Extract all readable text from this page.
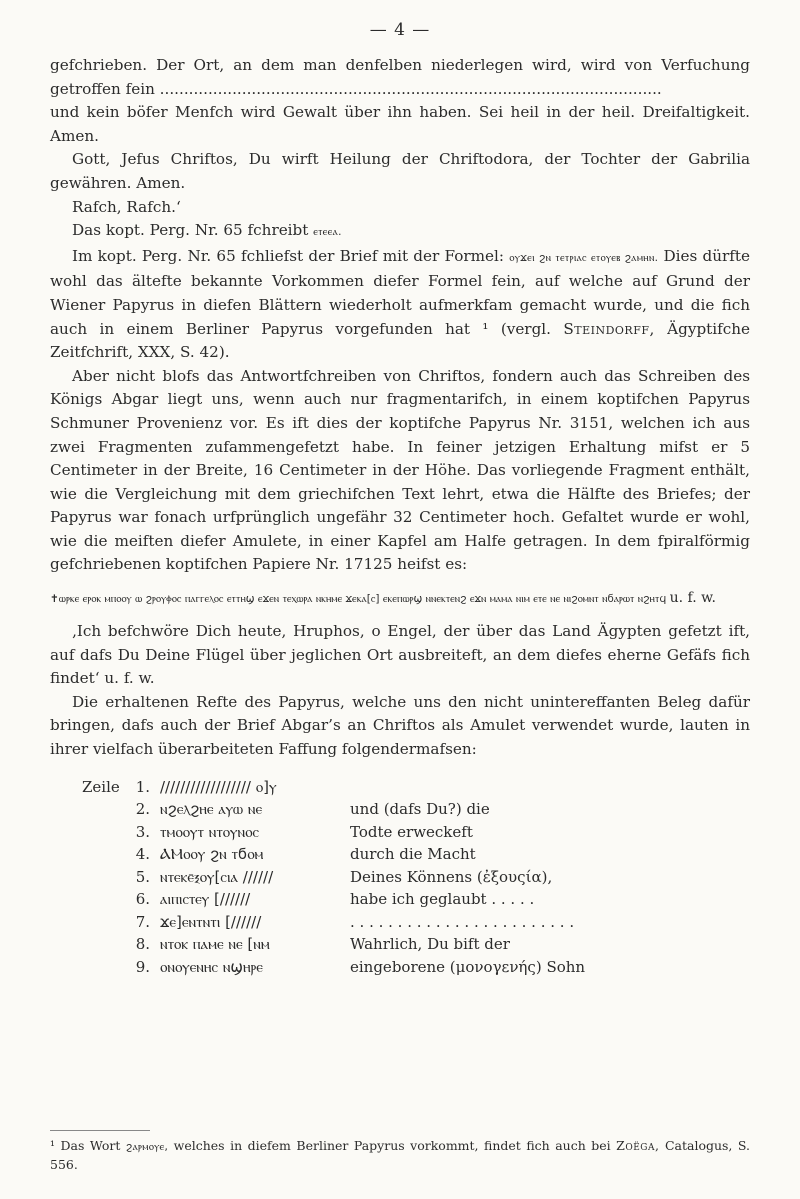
— 4 —

gefchrieben. Der Ort, an dem man denfelben niederlegen wird, wird von Verfuchung getroffen fein ........................................................................................................

und kein böfer Menfch wird Gewalt über ihn haben. Sei heil in der heil. Dreifaltigkeit. Amen.

Gott, Jefus Chriftos, Du wirft Heilung der Chriftodora, der Tochter der Gabrilia gewähren. Amen.

Rafch, Rafch.‘

Das kopt. Perg. Nr. 65 fchreibt ⲉⲧⲉⲉⲁ.

Im kopt. Perg. Nr. 65 fchliefst der Brief mit der Formel: ⲟⲩϫⲉⲓ ϩⲛ ⲧⲉⲧⲣⲓⲁⲥ ⲉⲧⲟⲩⲉⲃ ϩⲁⲙⲏⲛ. Dies dürfte wohl das ältefte bekannte Vorkommen diefer Formel fein, auf welche auf Grund der Wiener Papyrus in diefen Blättern wiederholt aufmerkfam gemacht wurde, und die fich auch in einem Berliner Papyrus vorgefunden hat ¹ (vergl. Steindorff, Ägyptifche Zeitfchrift, XXX, S. 42).

Aber nicht blofs das Antwortfchreiben von Chriftos, fondern auch das Schreiben des Königs Abgar liegt uns, wenn auch nur fragmentarifch, in einem koptifchen Papyrus Schmuner Provenienz vor. Es ift dies der koptifche Papyrus Nr. 3151, welchen ich aus zwei Fragmenten zufammengefetzt habe. In feiner jetzigen Erhaltung mifst er 5 Centimeter in der Breite, 16 Centimeter in der Höhe. Das vorliegende Fragment enthält, wie die Vergleichung mit dem griechifchen Text lehrt, etwa die Hälfte des Briefes; der Papyrus war fonach urfprünglich ungefähr 32 Centimeter hoch. Gefaltet wurde er wohl, wie die meiften diefer Amulete, in einer Kapfel am Halfe getragen. In dem fpiralförmig gefchriebenen koptifchen Papiere Nr. 17125 heifst es:

✝ⲱⲣⲕⲉ ⲉⲣⲟⲕ ⲙⲡⲟⲟⲩ ⲱ ϩⲣⲟⲩⲫⲟⲥ ⲡⲁⲅⲅⲉⲗⲟⲥ ⲉⲧⲧⲏϣ ⲉϫⲉⲛ ⲧⲉⲭⲱⲣⲁ ⲛⲕⲏⲙⲉ ϫⲉⲕⲁ[ⲥ] ⲉⲕⲉⲡⲱⲣϣ ⲛⲛⲉⲕⲧⲉⲛϩ ⲉϫⲛ ⲙⲁⲙⲁ ⲛⲓⲙ ⲉⲧⲉ ⲛⲉ ⲛⲓϩⲟⲙⲛⲧ ⲛϭⲁⲣⲱⲧ ⲛϩⲏⲧϥ u. f. w.

‚Ich befchwöre Dich heute, Hruphos, o Engel, der über das Land Ägypten gefetzt ift, auf dafs Du Deine Flügel über jeglichen Ort ausbreiteft, an dem diefes eherne Gefäfs fich findet‘ u. f. w.

Die erhaltenen Refte des Papyrus, welche uns den nicht unintereffanten Beleg dafür bringen, dafs auch der Brief Abgar’s an Chriftos als Amulet verwendet wurde, lauten in ihrer vielfach überarbeiteten Faffung folgendermafsen:

Zeile	1.	////////////////// ⲟ]ⲩ	
	2.	ⲛϩⲉⲗϩⲏⲉ ⲁⲩⲱ ⲛⲉ	und (dafs Du?) die
	3.	ⲧⲙⲟⲟⲩⲧ ⲛⲧⲟⲩⲛⲟⲥ	Todte erweckeft
	4.	ⲀⲘⲟⲟⲩ ϩⲛ ⲧϭⲟⲙ	durch die Macht
	5.	ⲛⲧⲉⲕⲉ̄ⲝⲟⲩ[ⲥⲓⲁ //////	Deines Könnens (ἐξουςία),
	6.	ⲁⲓⲡⲓⲥⲧⲉⲩ [//////	habe ich geglaubt . . . . .
	7.	ϫⲉ]ⲉⲛⲧⲛⲧⲓ [//////	. . . . . . . . . . . . . . . . . . . . . . . .
	8.	ⲛⲧⲟⲕ ⲡⲁⲙⲉ ⲛⲉ [ⲛⲙ	Wahrlich, Du bift der
	9.	ⲟⲛⲟⲩⲉⲛⲏⲥ ⲛϣⲏⲣⲉ	eingeborene (μονογενής) Sohn
¹ Das Wort ϩⲁⲣⲙⲟⲩⲉ, welches in diefem Berliner Papyrus vorkommt, findet fich auch bei Zoëga, Catalogus, S. 556.
